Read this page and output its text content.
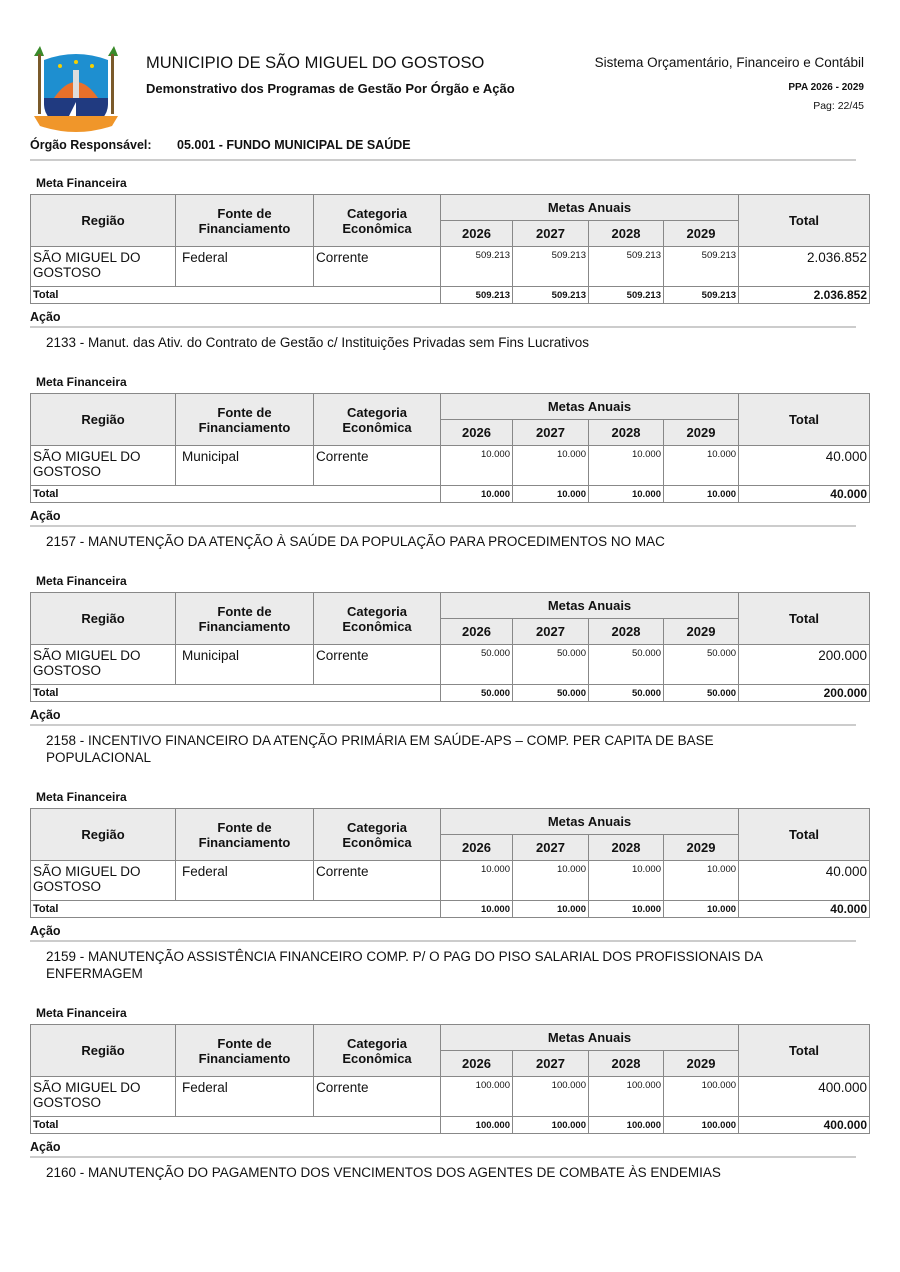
MUNICIPIO DE SÃO MIGUEL DO GOSTOSO
Demonstrativo dos Programas de Gestão Por Órgão e Ação
Sistema Orçamentário, Financeiro e Contábil
PPA 2026 - 2029
Pag: 22/45
Órgão Responsável: 05.001 - FUNDO MUNICIPAL DE SAÚDE
Meta Financeira
Região	Fonte de Financiamento	Categoria Econômica	Metas Anuais				Total
			2026	2027	2028	2029	
SÃO MIGUEL DO GOSTOSO	Federal	Corrente	509.213	509.213	509.213	509.213	2.036.852
Total			509.213	509.213	509.213	509.213	2.036.852
Ação
2133 - Manut. das Ativ. do Contrato de Gestão c/ Instituições Privadas sem Fins Lucrativos
Meta Financeira
Região	Fonte de Financiamento	Categoria Econômica	Metas Anuais				Total
			2026	2027	2028	2029	
SÃO MIGUEL DO GOSTOSO	Municipal	Corrente	10.000	10.000	10.000	10.000	40.000
Total			10.000	10.000	10.000	10.000	40.000
Ação
2157 - MANUTENÇÃO DA ATENÇÃO À SAÚDE DA POPULAÇÃO PARA PROCEDIMENTOS NO MAC
Meta Financeira
Região	Fonte de Financiamento	Categoria Econômica	Metas Anuais				Total
			2026	2027	2028	2029	
SÃO MIGUEL DO GOSTOSO	Municipal	Corrente	50.000	50.000	50.000	50.000	200.000
Total			50.000	50.000	50.000	50.000	200.000
Ação
2158 - INCENTIVO FINANCEIRO DA ATENÇÃO PRIMÁRIA EM SAÚDE-APS – COMP. PER CAPITA DE BASE POPULACIONAL
Meta Financeira
Região	Fonte de Financiamento	Categoria Econômica	Metas Anuais				Total
			2026	2027	2028	2029	
SÃO MIGUEL DO GOSTOSO	Federal	Corrente	10.000	10.000	10.000	10.000	40.000
Total			10.000	10.000	10.000	10.000	40.000
Ação
2159 - MANUTENÇÃO ASSISTÊNCIA FINANCEIRO COMP. P/ O PAG DO PISO SALARIAL DOS PROFISSIONAIS DA ENFERMAGEM
Meta Financeira
Região	Fonte de Financiamento	Categoria Econômica	Metas Anuais				Total
			2026	2027	2028	2029	
SÃO MIGUEL DO GOSTOSO	Federal	Corrente	100.000	100.000	100.000	100.000	400.000
Total			100.000	100.000	100.000	100.000	400.000
Ação
2160 - MANUTENÇÃO DO PAGAMENTO DOS VENCIMENTOS DOS AGENTES DE COMBATE ÀS ENDEMIAS
